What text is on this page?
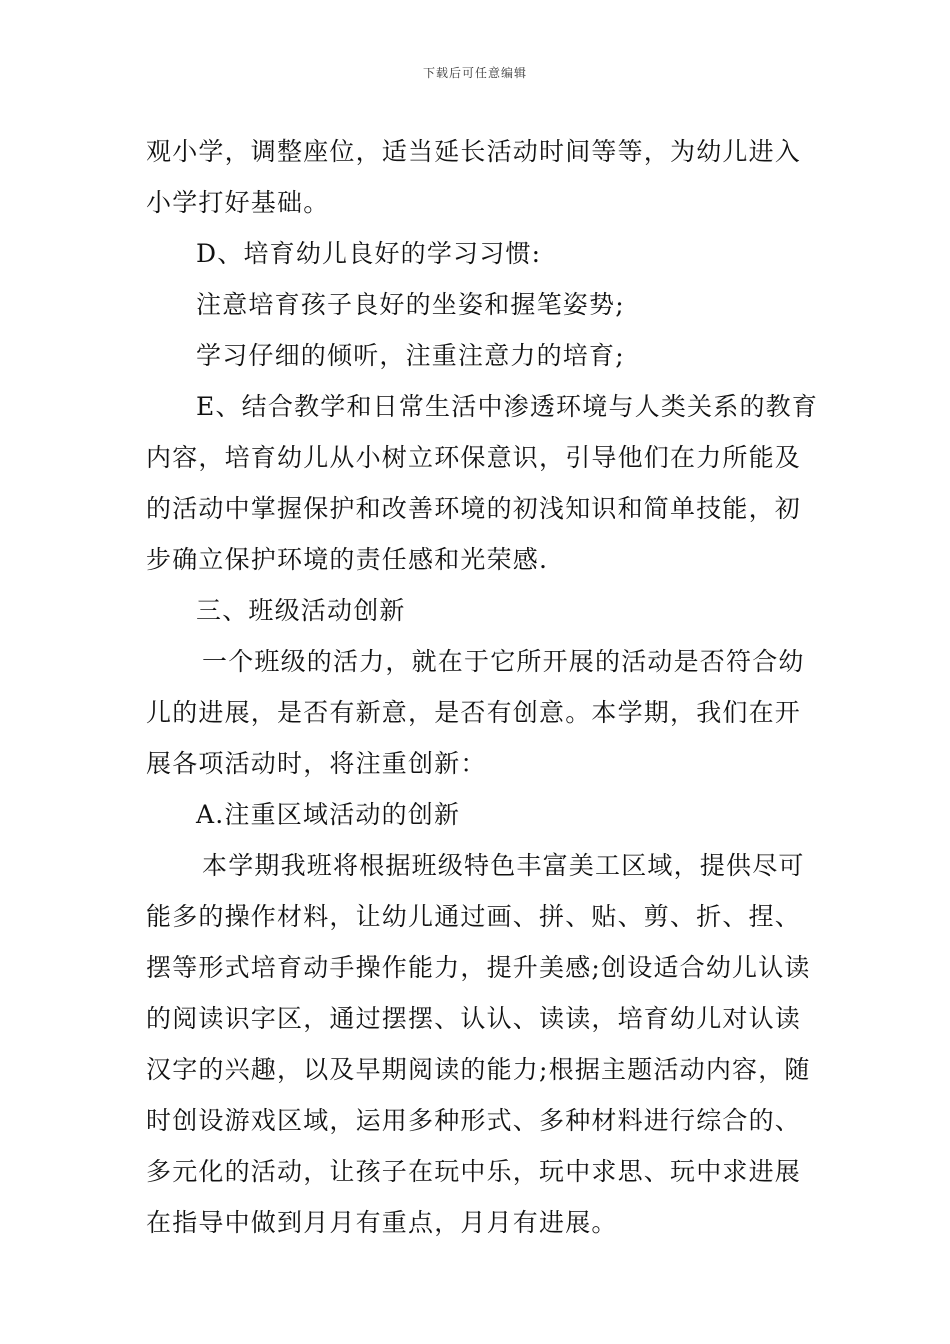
下载后可任意编辑
观小学，调整座位，适当延长活动时间等等，为幼儿进入
小学打好基础。
D、培育幼儿良好的学习习惯:
注意培育孩子良好的坐姿和握笔姿势;
学习仔细的倾听，注重注意力的培育;
E、结合教学和日常生活中渗透环境与人类关系的教育
内容，培育幼儿从小树立环保意识，引导他们在力所能及
的活动中掌握保护和改善环境的初浅知识和简单技能，初
步确立保护环境的责任感和光荣感.
三、班级活动创新
一个班级的活力，就在于它所开展的活动是否符合幼
儿的进展，是否有新意，是否有创意。本学期，我们在开
展各项活动时，将注重创新：
A.注重区域活动的创新
本学期我班将根据班级特色丰富美工区域，提供尽可
能多的操作材料，让幼儿通过画、拼、贴、剪、折、捏、
摆等形式培育动手操作能力，提升美感;创设适合幼儿认读
的阅读识字区，通过摆摆、认认、读读，培育幼儿对认读
汉字的兴趣，以及早期阅读的能力;根据主题活动内容，随
时创设游戏区域，运用多种形式、多种材料进行综合的、
多元化的活动，让孩子在玩中乐，玩中求思、玩中求进展
在指导中做到月月有重点，月月有进展。
